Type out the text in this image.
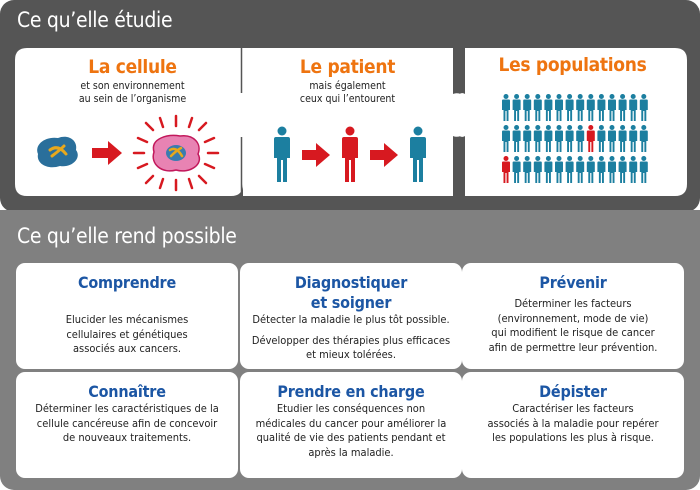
Ce qu’elle étudie
La cellule
et son environnement
au sein de l’organisme
Le patient
mais également
ceux qui l’entourent
Les populations
Ce qu’elle rend possible
Comprendre
Elucider les mécanismes
cellulaires et génétiques
associés aux cancers.
Diagnostiquer
et soigner
Détecter la maladie le plus tôt possible.
Développer des thérapies plus efficaces
et mieux tolérées.
Prévenir
Déterminer les facteurs
(environnement, mode de vie)
qui modifient le risque de cancer
afin de permettre leur prévention.
Connaître
Déterminer les caractéristiques de la
cellule cancéreuse afin de concevoir
de nouveaux traitements.
Prendre en charge
Etudier les conséquences non
médicales du cancer pour améliorer la
qualité de vie des patients pendant et
après la maladie.
Dépister
Caractériser les facteurs
associés à la maladie pour repérer
les populations les plus à risque.
